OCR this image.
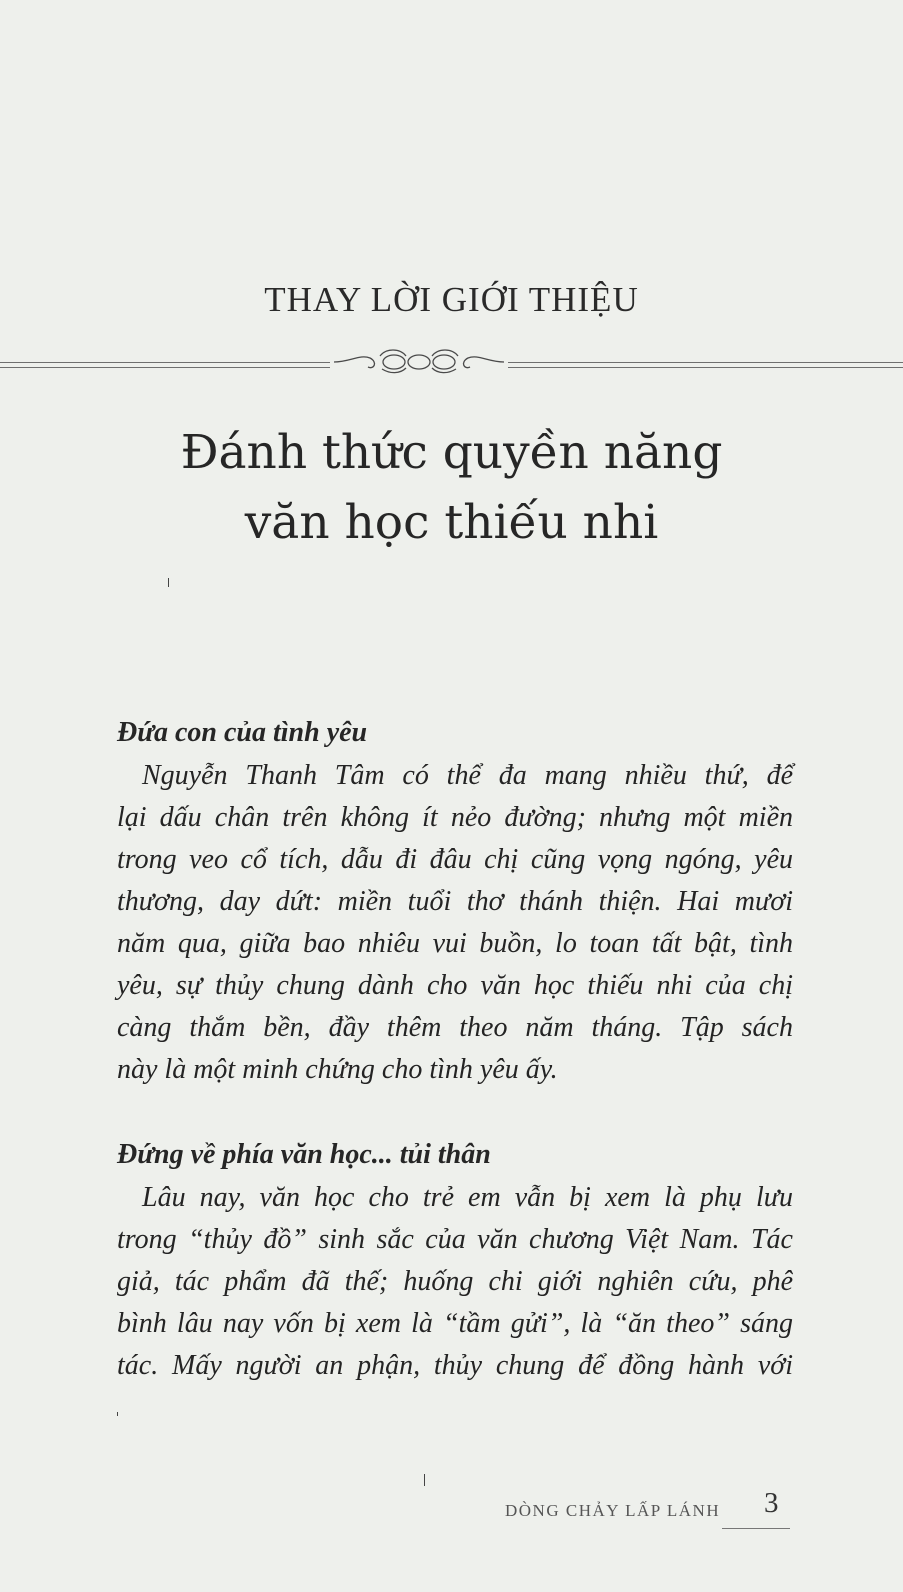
THAY LỜI GIỚI THIỆU
Đánh thức quyền năng
văn học thiếu nhi
Đứa con của tình yêu
Nguyễn Thanh Tâm có thể đa mang nhiều thứ, để
lại dấu chân trên không ít nẻo đường; nhưng một miền
trong veo cổ tích, dẫu đi đâu chị cũng vọng ngóng, yêu
thương, day dứt: miền tuổi thơ thánh thiện. Hai mươi
năm qua, giữa bao nhiêu vui buồn, lo toan tất bật, tình
yêu, sự thủy chung dành cho văn học thiếu nhi của chị
càng thắm bền, đầy thêm theo năm tháng. Tập sách
này là một minh chứng cho tình yêu ấy.
Đứng về phía văn học... tủi thân
Lâu nay, văn học cho trẻ em vẫn bị xem là phụ lưu
trong “thủy đồ” sinh sắc của văn chương Việt Nam. Tác
giả, tác phẩm đã thế; huống chi giới nghiên cứu, phê
bình lâu nay vốn bị xem là “tầm gửi”, là “ăn theo” sáng
tác. Mấy người an phận, thủy chung để đồng hành với
DÒNG CHẢY LẤP LÁNH 3
